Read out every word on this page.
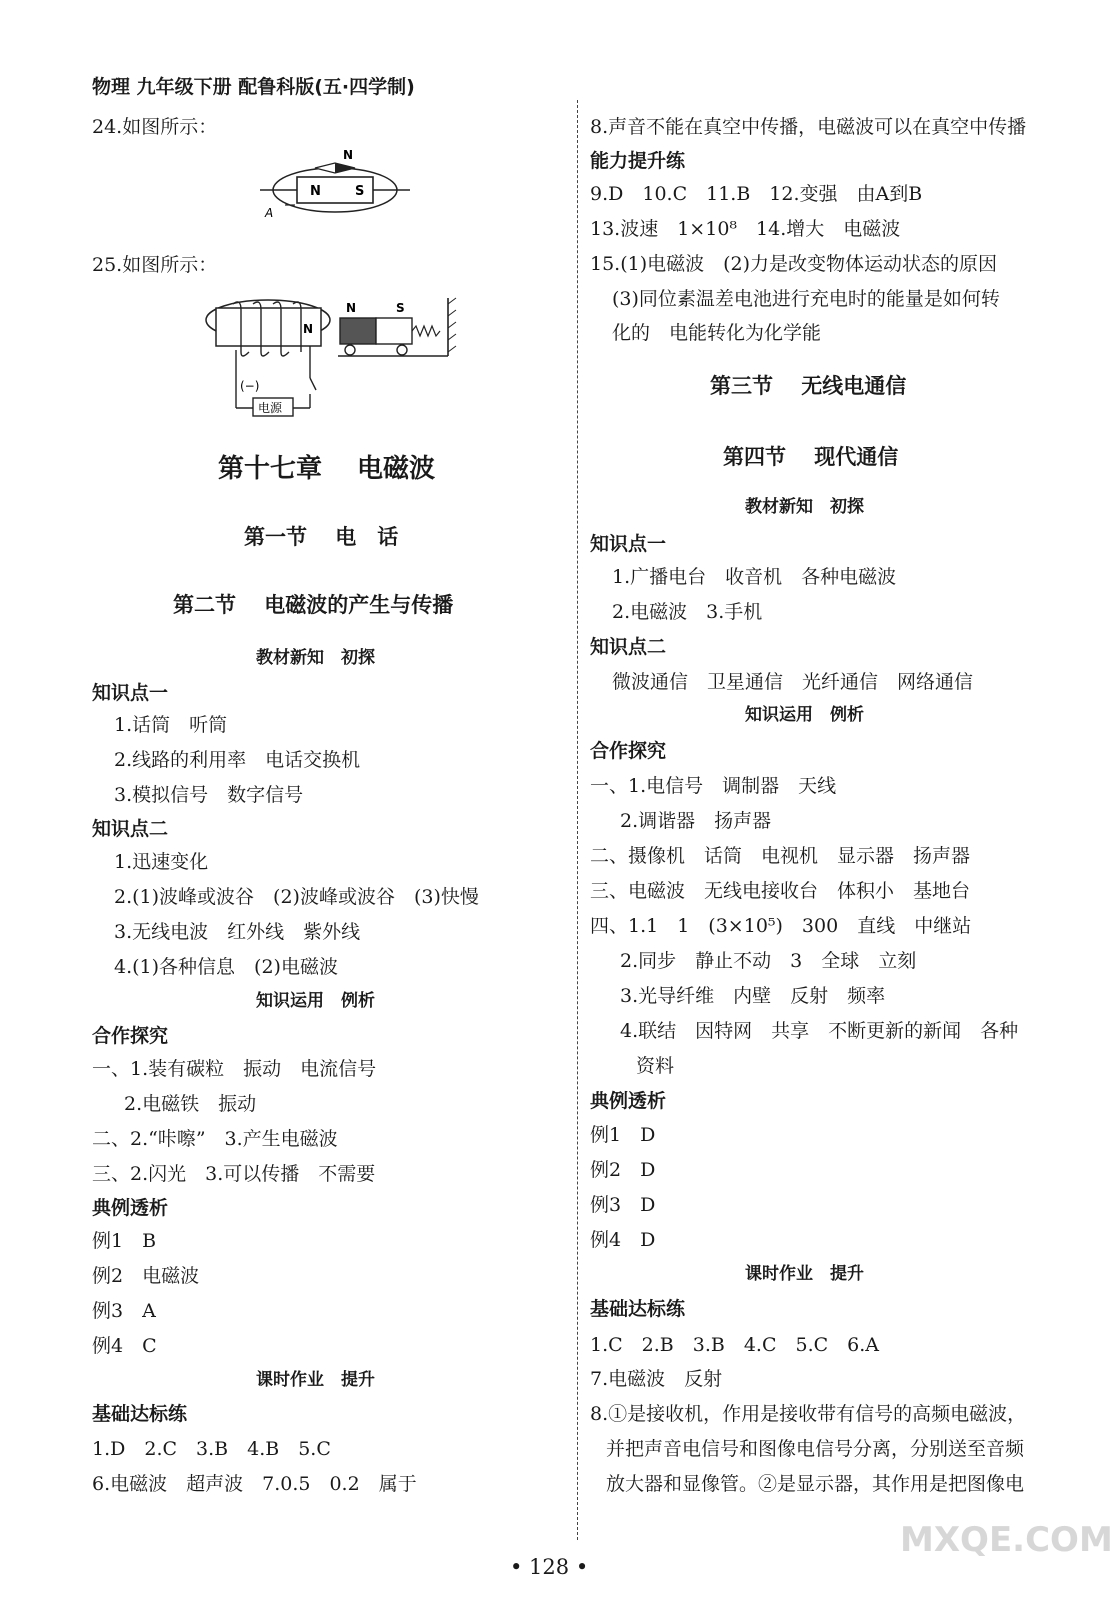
物理 九年级下册 配鲁科版(五·四学制)
24.如图所示：
25.如图所示：
第十七章　 电磁波
第一节　 电　话
第二节　 电磁波的产生与传播
教材新知　初探
知识点一
1.话筒　听筒
2.线路的利用率　电话交换机
3.模拟信号　数字信号
知识点二
1.迅速变化
2.(1)波峰或波谷　(2)波峰或波谷　(3)快慢
3.无线电波　红外线　紫外线
4.(1)各种信息　(2)电磁波
知识运用　例析
合作探究
一、1.装有碳粒　振动　电流信号
2.电磁铁　振动
二、2.“咔嚓”　3.产生电磁波
三、2.闪光　3.可以传播　不需要
典例透析
例1　B
例2　电磁波
例3　A
例4　C
课时作业　提升
基础达标练
1.D　2.C　3.B　4.B　5.C
6.电磁波　超声波　7.0.5　0.2　属于
8.声音不能在真空中传播，电磁波可以在真空中传播
能力提升练
9.D　10.C　11.B　12.变强　由A到B
13.波速　1×10⁸　14.增大　电磁波
15.(1)电磁波　(2)力是改变物体运动状态的原因
(3)同位素温差电池进行充电时的能量是如何转
化的　电能转化为化学能
第三节　 无线电通信
第四节　 现代通信
教材新知　初探
知识点一
1.广播电台　收音机　各种电磁波
2.电磁波　3.手机
知识点二
微波通信　卫星通信　光纤通信　网络通信
知识运用　例析
合作探究
一、1.电信号　调制器　天线
2.调谐器　扬声器
二、摄像机　话筒　电视机　显示器　扬声器
三、电磁波　无线电接收台　体积小　基地台
四、1.1　1　(3×10⁵)　300　直线　中继站
2.同步　静止不动　3　全球　立刻
3.光导纤维　内壁　反射　频率
4.联结　因特网　共享　不断更新的新闻　各种
资料
典例透析
例1　D
例2　D
例3　D
例4　D
课时作业　提升
基础达标练
1.C　2.B　3.B　4.C　5.C　6.A
7.电磁波　反射
8.①是接收机，作用是接收带有信号的高频电磁波，
并把声音电信号和图像电信号分离，分别送至音频
放大器和显像管。②是显示器，其作用是把图像电
N	S
N
A
N
电源
(−)
N	S
• 128 •
MXQE.COM
